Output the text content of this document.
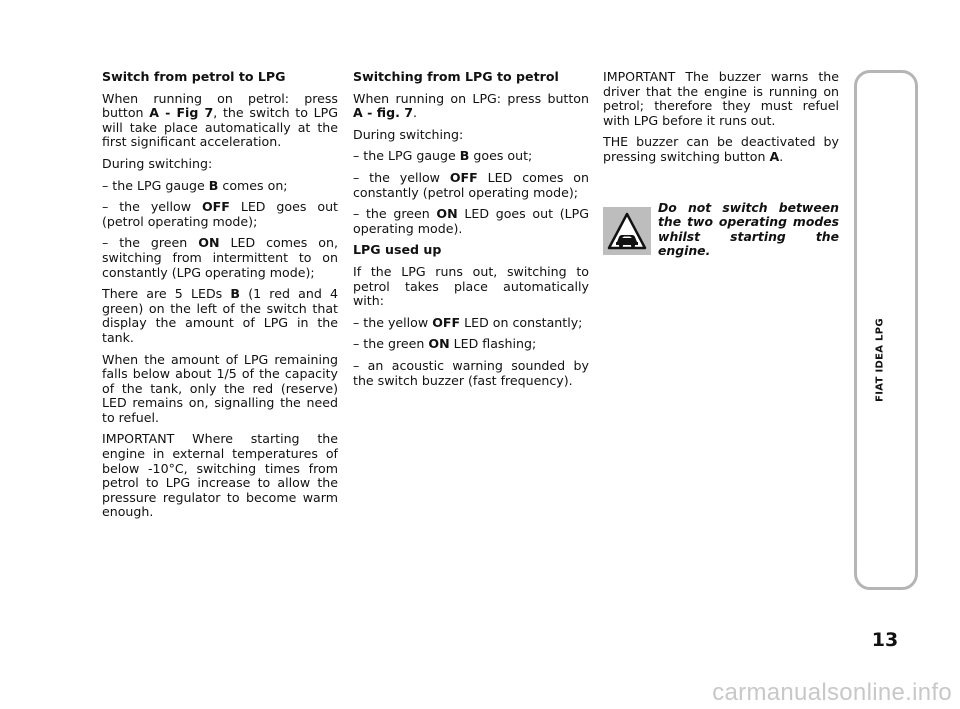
Switch from petrol to LPG

When running on petrol: press button A - Fig 7, the switch to LPG will take place automatically at the first significant acceleration.

During switching:

– the LPG gauge B comes on;

– the yellow OFF LED goes out (petrol operating mode);

– the green ON LED comes on, switching from intermittent to on constantly (LPG operating mode);

There are 5 LEDs B (1 red and 4 green) on the left of the switch that display the amount of LPG in the tank.

When the amount of LPG remaining falls below about 1/5 of the capacity of the tank, only the red (reserve) LED remains on, signalling the need to refuel.

IMPORTANT Where starting the engine in external temperatures of below -10°C, switching times from petrol to LPG increase to allow the pressure regulator to become warm enough.

Switching from LPG to petrol

When running on LPG: press button A - fig. 7.

During switching:

– the LPG gauge B goes out;

– the yellow OFF LED comes on constantly (petrol operating mode);

– the green ON LED goes out (LPG operating mode).

LPG used up

If the LPG runs out, switching to petrol takes place automatically with:

– the yellow OFF LED on constantly;

– the green ON LED flashing;

– an acoustic warning sounded by the switch buzzer (fast frequency).

IMPORTANT The buzzer warns the driver that the engine is running on petrol; therefore they must refuel with LPG before it runs out.

THE buzzer can be deactivated by pressing switching button A.

Do not switch between the two operating modes whilst starting the engine.
FIAT IDEA LPG
13
carmanualsonline.info
